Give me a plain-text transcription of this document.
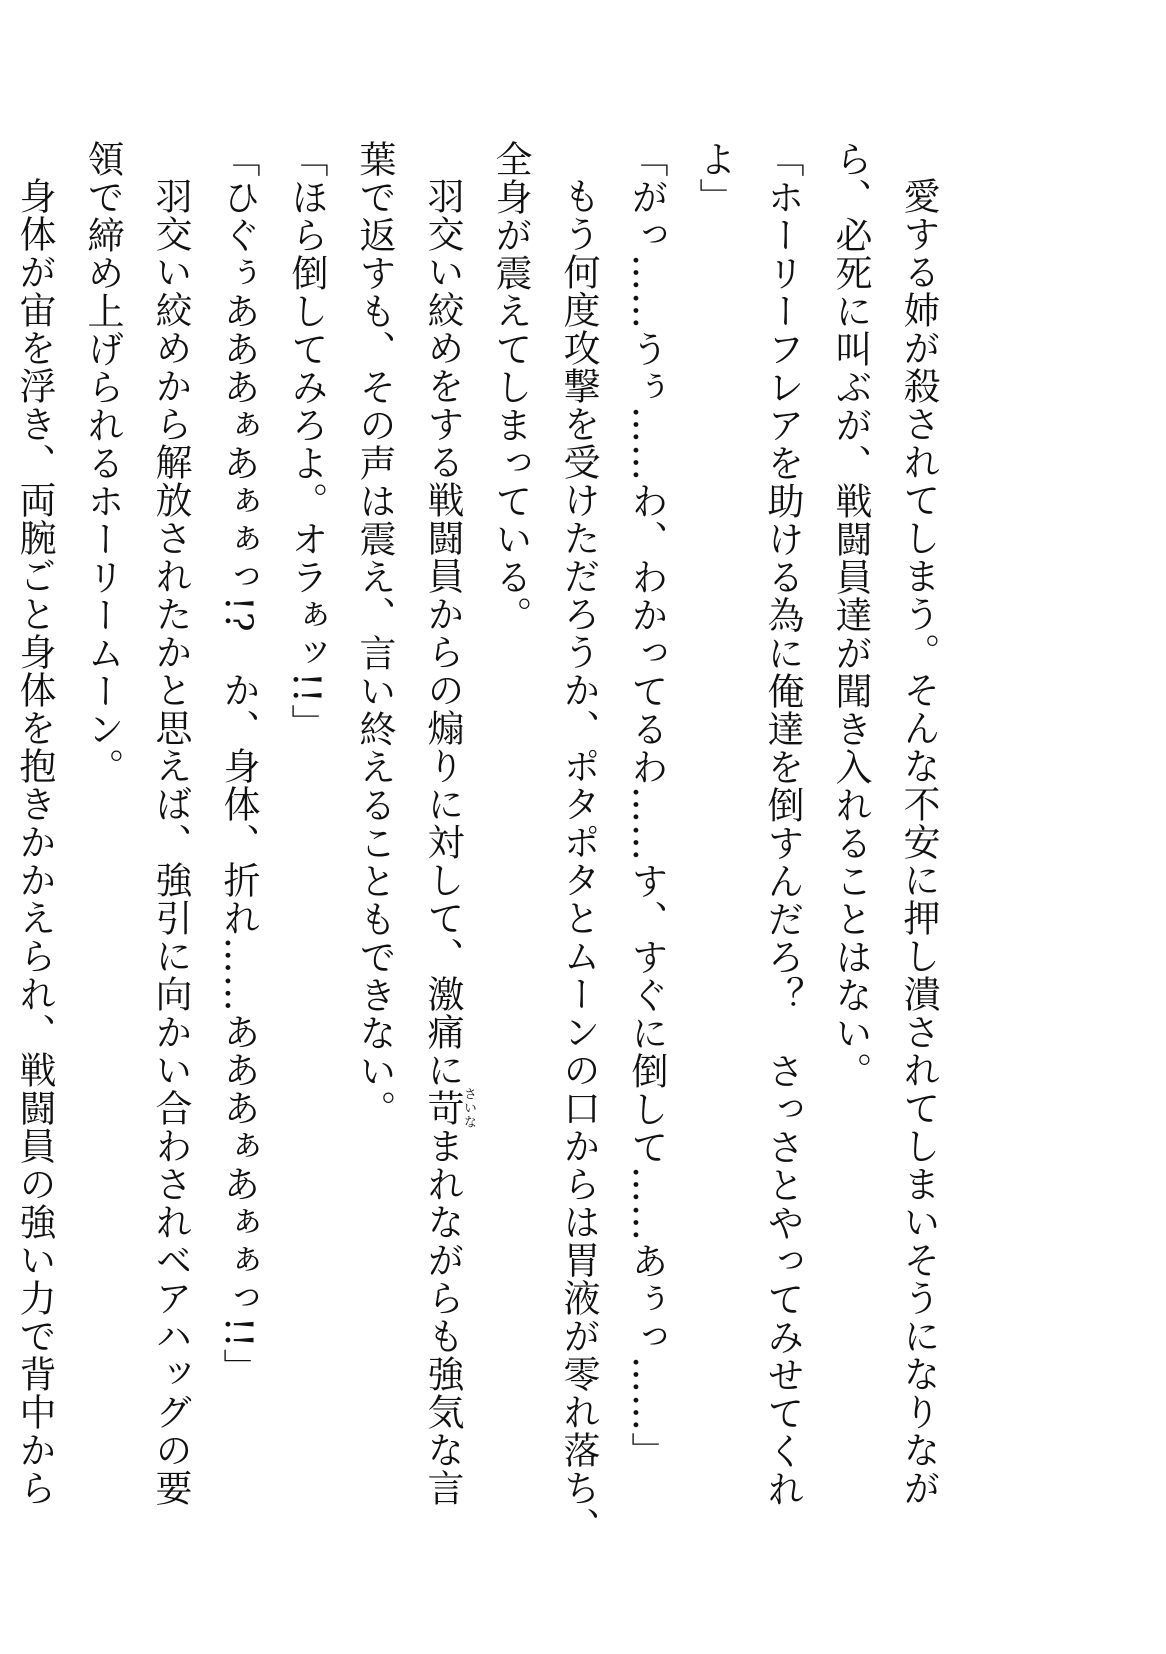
愛する姉が殺されてしまう。そんな不安に押し潰されてしまいそうになりなが
ら、必死に叫ぶが、戦闘員達が聞き入れることはない。
「ホーリーフレアを助ける為に俺達を倒すんだろ？　さっさとやってみせてくれ
よ」
「がっ……うぅ……わ、わかってるわ……す、すぐに倒して……あぅっ……」
もう何度攻撃を受けただろうか、ポタポタとムーンの口からは胃液が零れ落ち、
全身が震えてしまっている。
羽交い絞めをする戦闘員からの煽りに対して、激痛に苛さいなまれながらも強気な言
葉で返すも、その声は震え、言い終えることもできない。
「ほら倒してみろよ。オラぁッ!!」
「ひぐぅあああぁあぁぁっ!?　か、身体、折れ……あああぁあぁぁっ!!」
羽交い絞めから解放されたかと思えば、強引に向かい合わされベアハッグの要
領で締め上げられるホーリームーン。
身体が宙を浮き、両腕ごと身体を抱きかかえられ、戦闘員の強い力で背中から
